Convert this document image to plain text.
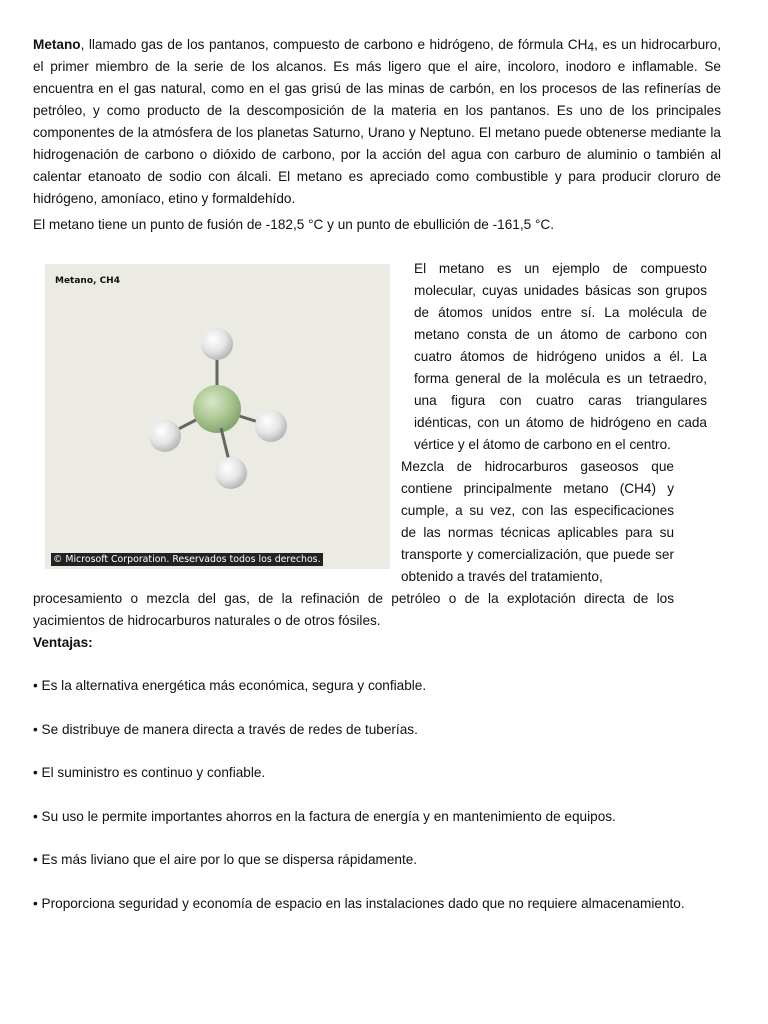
Metano, llamado gas de los pantanos, compuesto de carbono e hidrógeno, de fórmula $CH_4$, es un hidrocarburo, el primer miembro de la serie de los alcanos. Es más ligero que el aire, incoloro, inodoro e inflamable. Se encuentra en el gas natural, como en el gas grisú de las minas de carbón, en los procesos de las refinerías de petróleo, y como producto de la descomposición de la materia en los pantanos. Es uno de los principales componentes de la atmósfera de los planetas Saturno, Urano y Neptuno. El metano puede obtenerse mediante la hidrogenación de carbono o dióxido de carbono, por la acción del agua con carburo de aluminio o también al calentar etanoato de sodio con álcali. El metano es apreciado como combustible y para producir cloruro de hidrógeno, amoníaco, etino y formaldehído.

El metano tiene un punto de fusión de -182,5 °C y un punto de ebullición de -161,5 °C.

Metano, CH4
© Microsoft Corporation. Reservados todos los derechos.

El metano es un ejemplo de compuesto molecular, cuyas unidades básicas son grupos de átomos unidos entre sí. La molécula de metano consta de un átomo de carbono con cuatro átomos de hidrógeno unidos a él. La forma general de la molécula es un tetraedro, una figura con cuatro caras triangulares idénticas, con un átomo de hidrógeno en cada vértice y el átomo de carbono en el centro.

Mezcla de hidrocarburos gaseosos que contiene principalmente metano (CH4) y cumple, a su vez, con las especificaciones de las normas técnicas aplicables para su transporte y comercialización, que puede ser obtenido a través del tratamiento,

procesamiento o mezcla del gas, de la refinación de petróleo o de la explotación directa de los yacimientos de hidrocarburos naturales o de otros fósiles.

Ventajas:

• Es la alternativa energética más económica, segura y confiable.
• Se distribuye de manera directa a través de redes de tuberías.
• El suministro es continuo y confiable.
• Su uso le permite importantes ahorros en la factura de energía y en mantenimiento de equipos.
• Es más liviano que el aire por lo que se dispersa rápidamente.
• Proporciona seguridad y economía de espacio en las instalaciones dado que no requiere almacenamiento.
